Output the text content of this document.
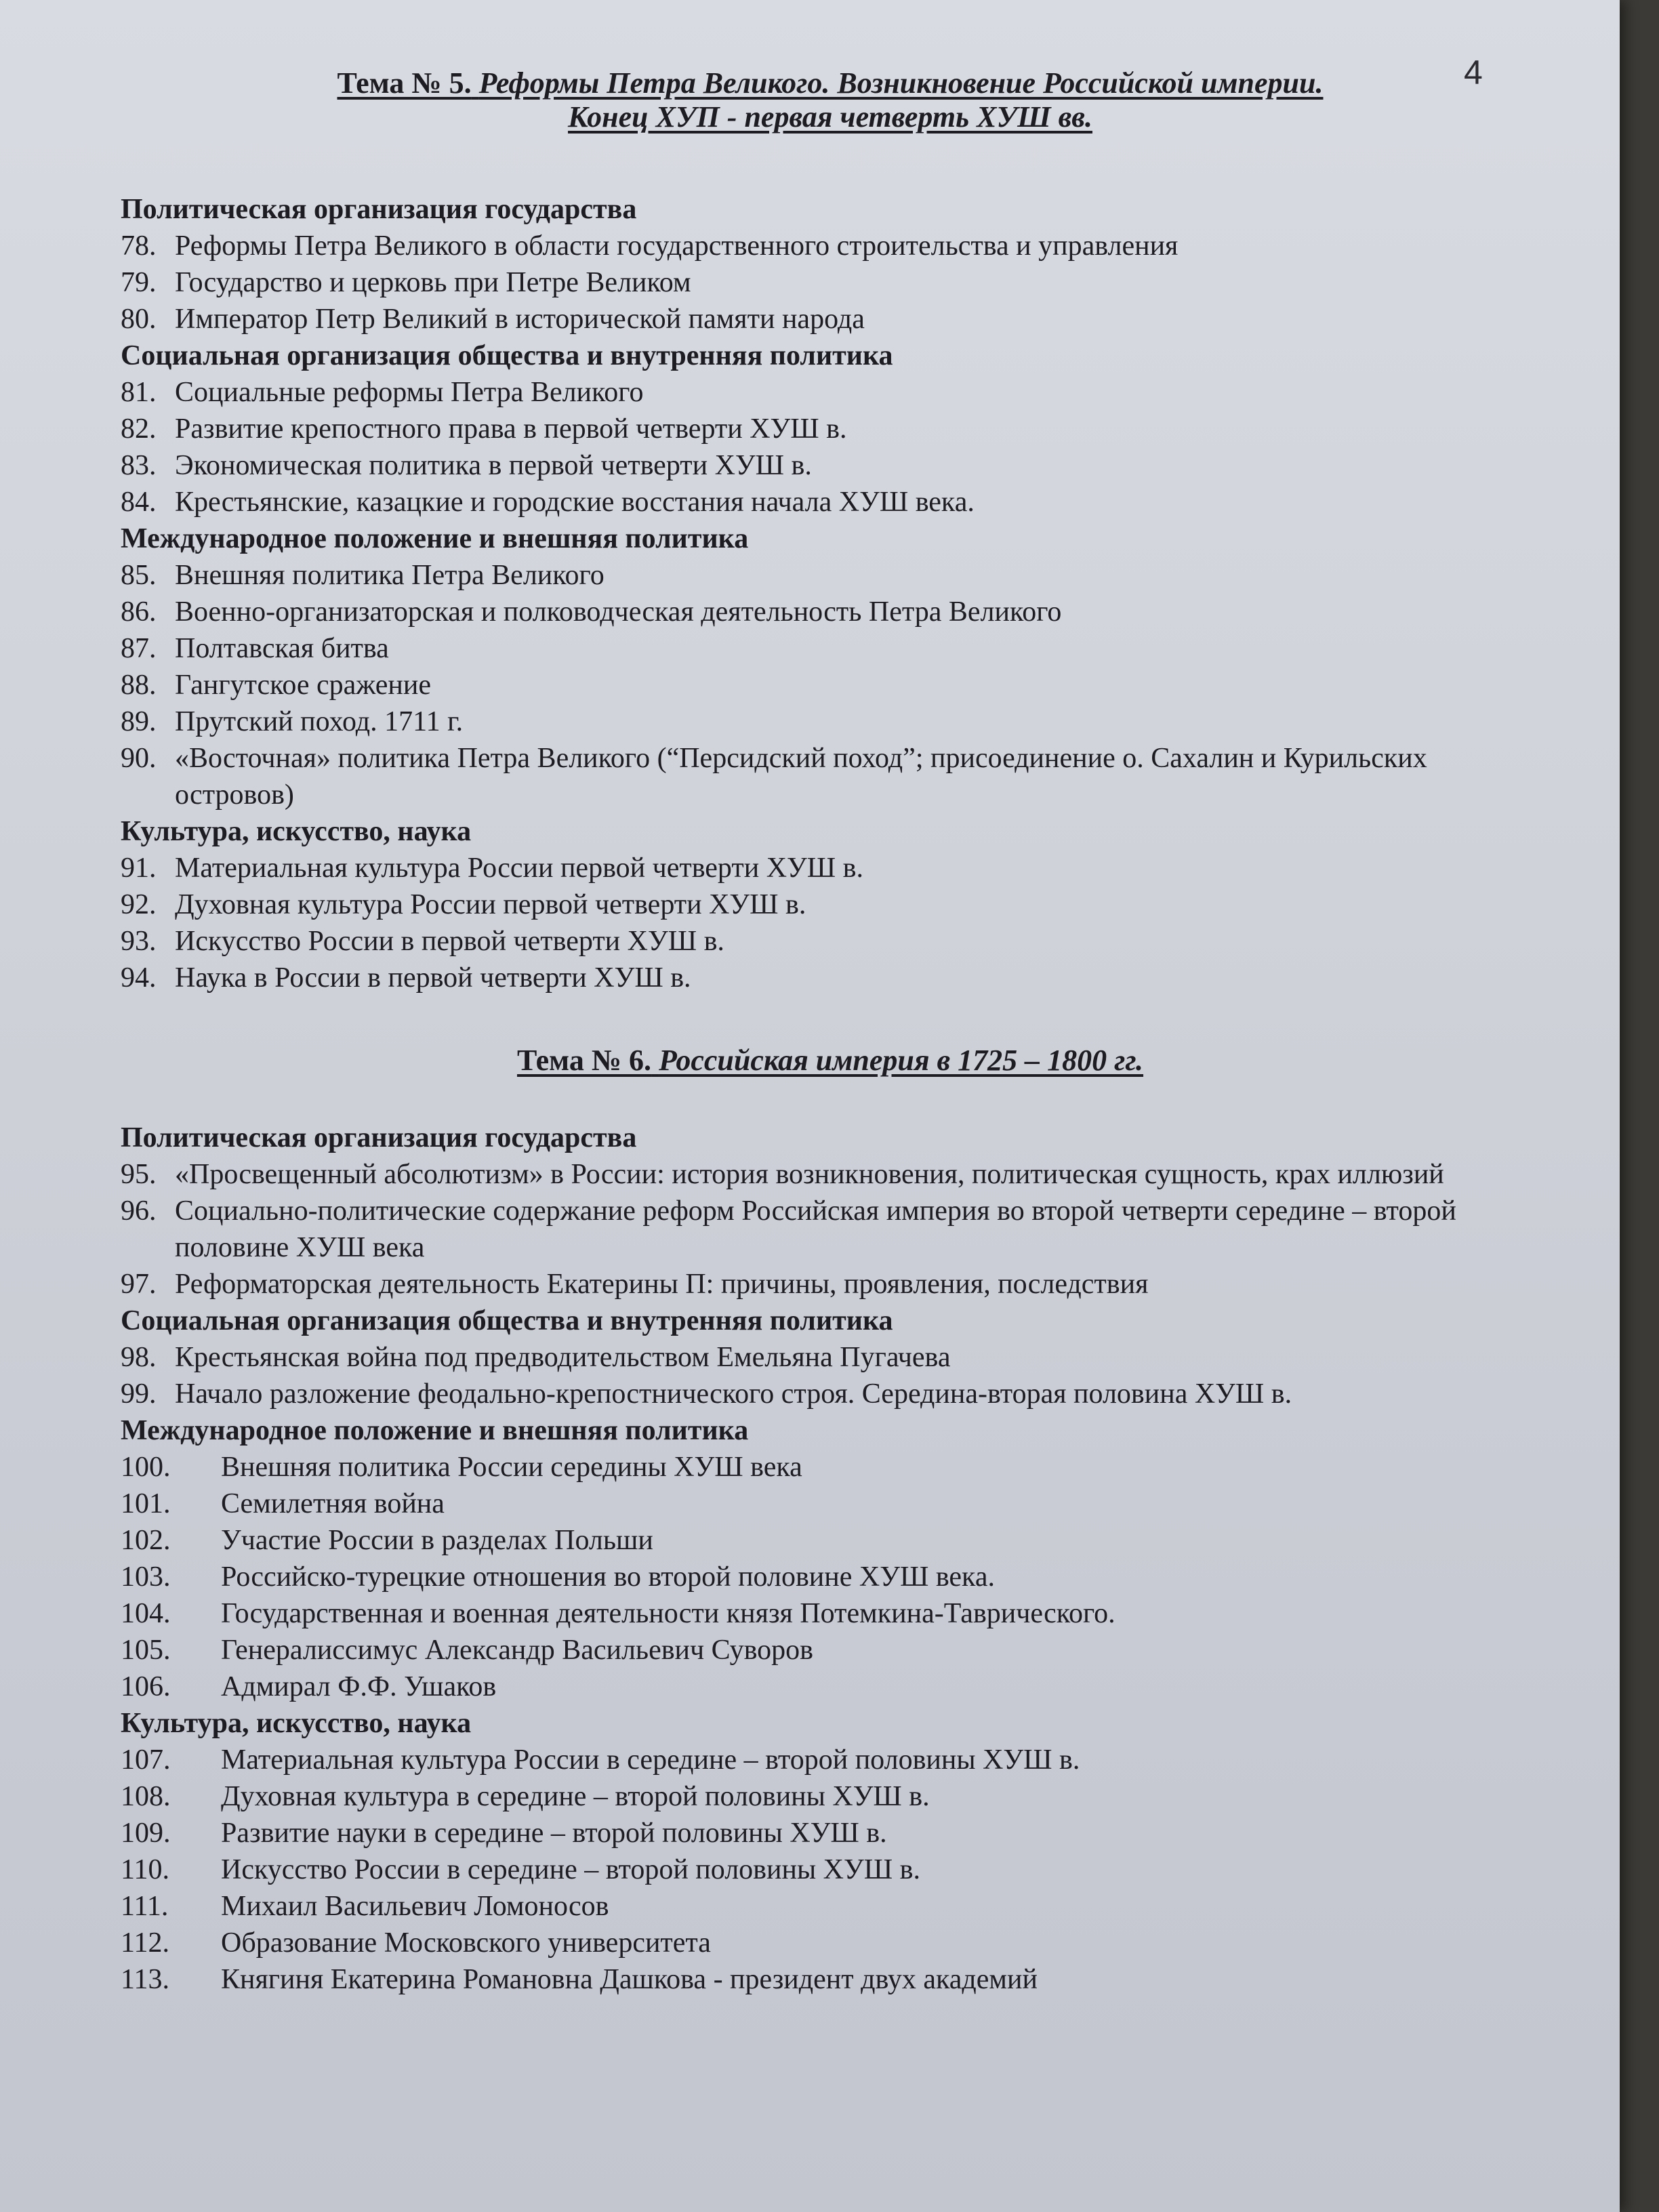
4
Тема № 5. Реформы Петра Великого. Возникновение Российской империи.
Конец ХУП - первая четверть ХУШ вв.
Политическая организация государства
78. Реформы Петра Великого в области государственного строительства и управления
79. Государство и церковь при Петре Великом
80. Император Петр Великий в исторической памяти народа
Социальная организация общества и внутренняя политика
81. Социальные реформы Петра Великого
82. Развитие крепостного права в первой четверти ХУШ в.
83. Экономическая политика в первой четверти ХУШ в.
84. Крестьянские, казацкие и городские восстания начала ХУШ века.
Международное положение и внешняя политика
85. Внешняя политика Петра Великого
86. Военно-организаторская и полководческая деятельность Петра Великого
87. Полтавская битва
88. Гангутское сражение
89. Прутский поход. 1711 г.
90. «Восточная» политика Петра Великого (“Персидский поход”; присоединение о. Сахалин и Курильских островов)
Культура, искусство, наука
91. Материальная культура России первой четверти ХУШ в.
92. Духовная культура России первой четверти ХУШ в.
93. Искусство России в первой четверти ХУШ в.
94. Наука в России в первой четверти ХУШ в.
Тема № 6. Российская империя в 1725 – 1800 гг.
Политическая организация государства
95. «Просвещенный абсолютизм» в России: история возникновения, политическая сущность, крах иллюзий
96. Социально-политические содержание реформ Российская империя во второй четверти середине – второй половине ХУШ века
97. Реформаторская деятельность Екатерины П: причины, проявления, последствия
Социальная организация общества и внутренняя политика
98. Крестьянская война под предводительством Емельяна Пугачева
99. Начало разложение феодально-крепостнического строя. Середина-вторая половина ХУШ в.
Международное положение и внешняя политика
100.	Внешняя политика России середины ХУШ века
101.	Семилетняя война
102.	Участие России в разделах Польши
103.	Российско-турецкие отношения во второй половине ХУШ века.
104.	Государственная и военная деятельности князя Потемкина-Таврического.
105.	Генералиссимус Александр Васильевич Суворов
106.	Адмирал Ф.Ф. Ушаков
Культура, искусство, наука
107.	Материальная культура России в середине – второй половины ХУШ в.
108.	Духовная культура в середине – второй половины ХУШ в.
109.	Развитие науки в середине – второй половины ХУШ в.
110.	Искусство России в середине – второй половины ХУШ в.
111.	Михаил Васильевич Ломоносов
112.	Образование Московского университета
113.	Княгиня Екатерина Романовна Дашкова - президент двух академий
